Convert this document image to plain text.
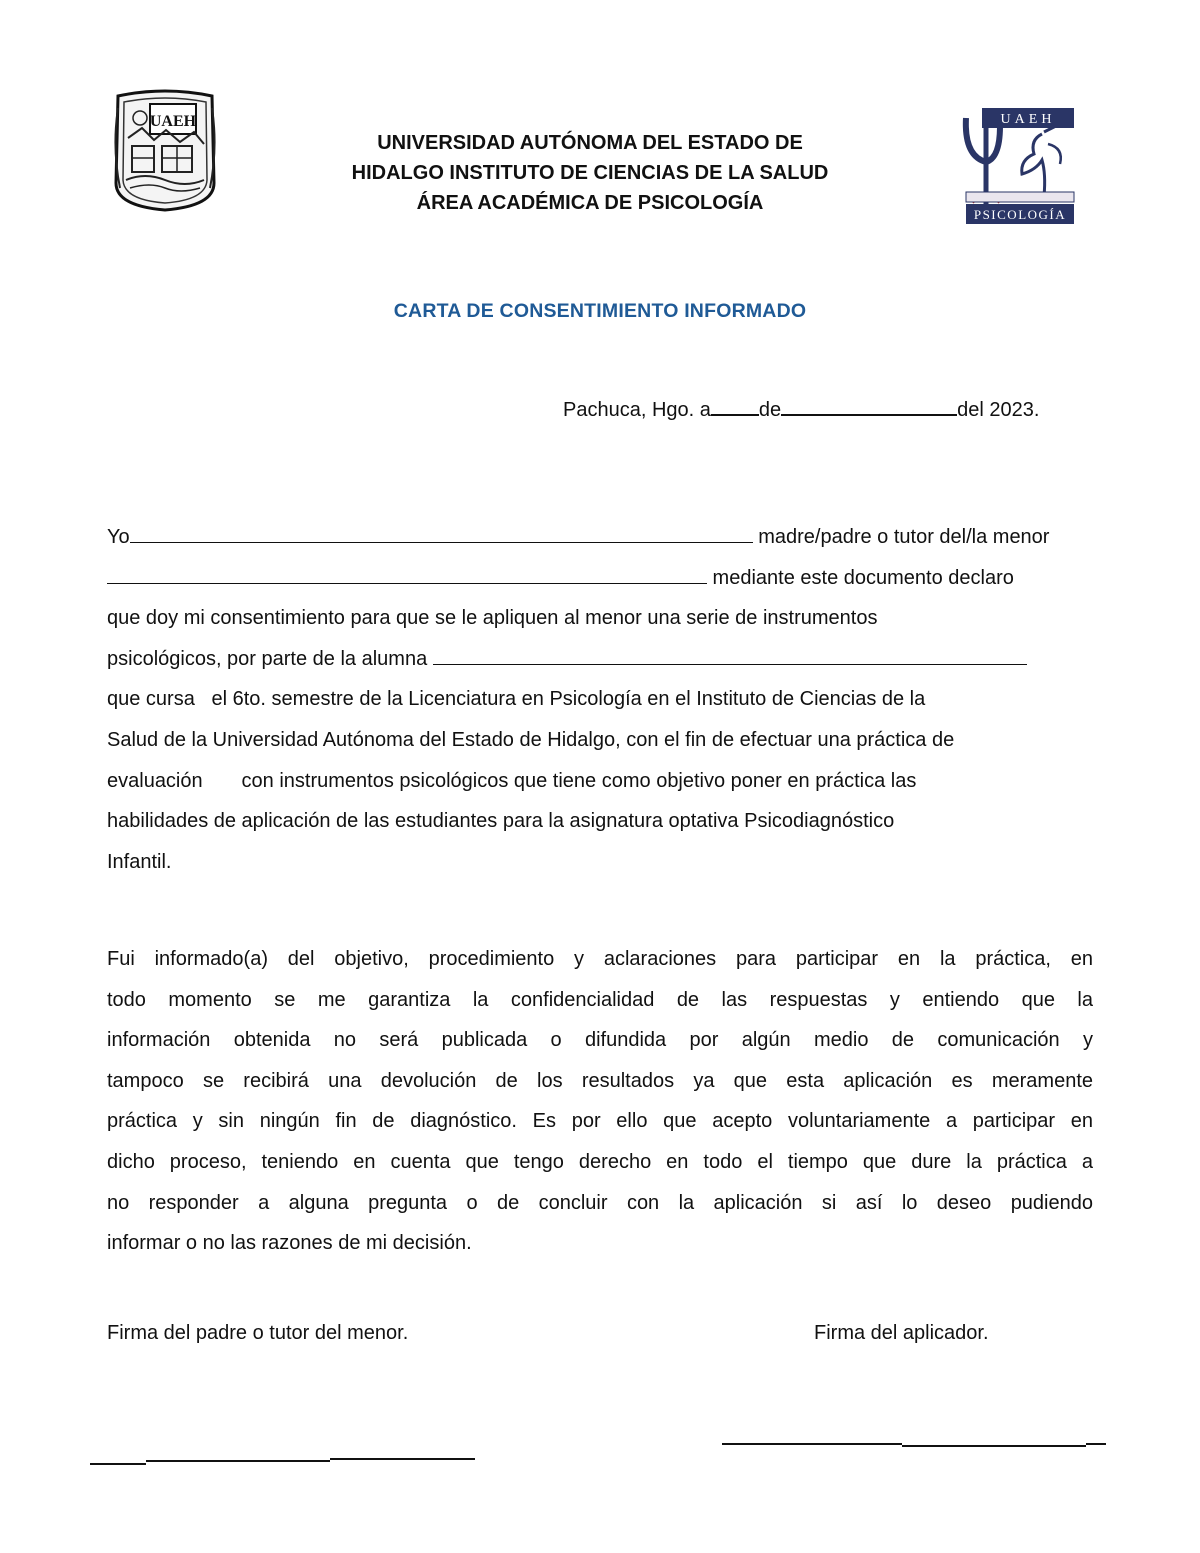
UAEH
UNIVERSIDAD AUTÓNOMA DEL ESTADO DE
HIDALGO INSTITUTO DE CIENCIAS DE LA SALUD
ÁREA ACADÉMICA DE PSICOLOGÍA
UAEH
PSICOLOGÍA
CARTA DE CONSENTIMIENTO INFORMADO
Pachuca, Hgo. a de	del 2023.
Yo	madre/padre o tutor del/la menor
mediante este documento declaro
que doy mi consentimiento para que se le apliquen al menor una serie de instrumentos
psicológicos, por parte de la alumna
que cursa   el 6to. semestre de la Licenciatura en Psicología en el Instituto de Ciencias de la
Salud de la Universidad Autónoma del Estado de Hidalgo, con el fin de efectuar una práctica de
evaluación       con instrumentos psicológicos que tiene como objetivo poner en práctica las
habilidades de aplicación de las estudiantes para la asignatura optativa Psicodiagnóstico
Infantil.
Fui informado(a) del objetivo, procedimiento y aclaraciones para participar en la práctica, en
todo momento se me garantiza la confidencialidad de las respuestas y entiendo que la
información obtenida no será publicada o difundida por algún medio de comunicación y
tampoco se recibirá una devolución de los resultados ya que esta aplicación es meramente
práctica y sin ningún fin de diagnóstico. Es por ello que acepto voluntariamente a participar en
dicho proceso, teniendo en cuenta que tengo derecho en todo el tiempo que dure la práctica a
no responder a alguna pregunta o de concluir con la aplicación si así lo deseo pudiendo
informar o no las razones de mi decisión.
Firma del padre o tutor del menor.	Firma del aplicador.
